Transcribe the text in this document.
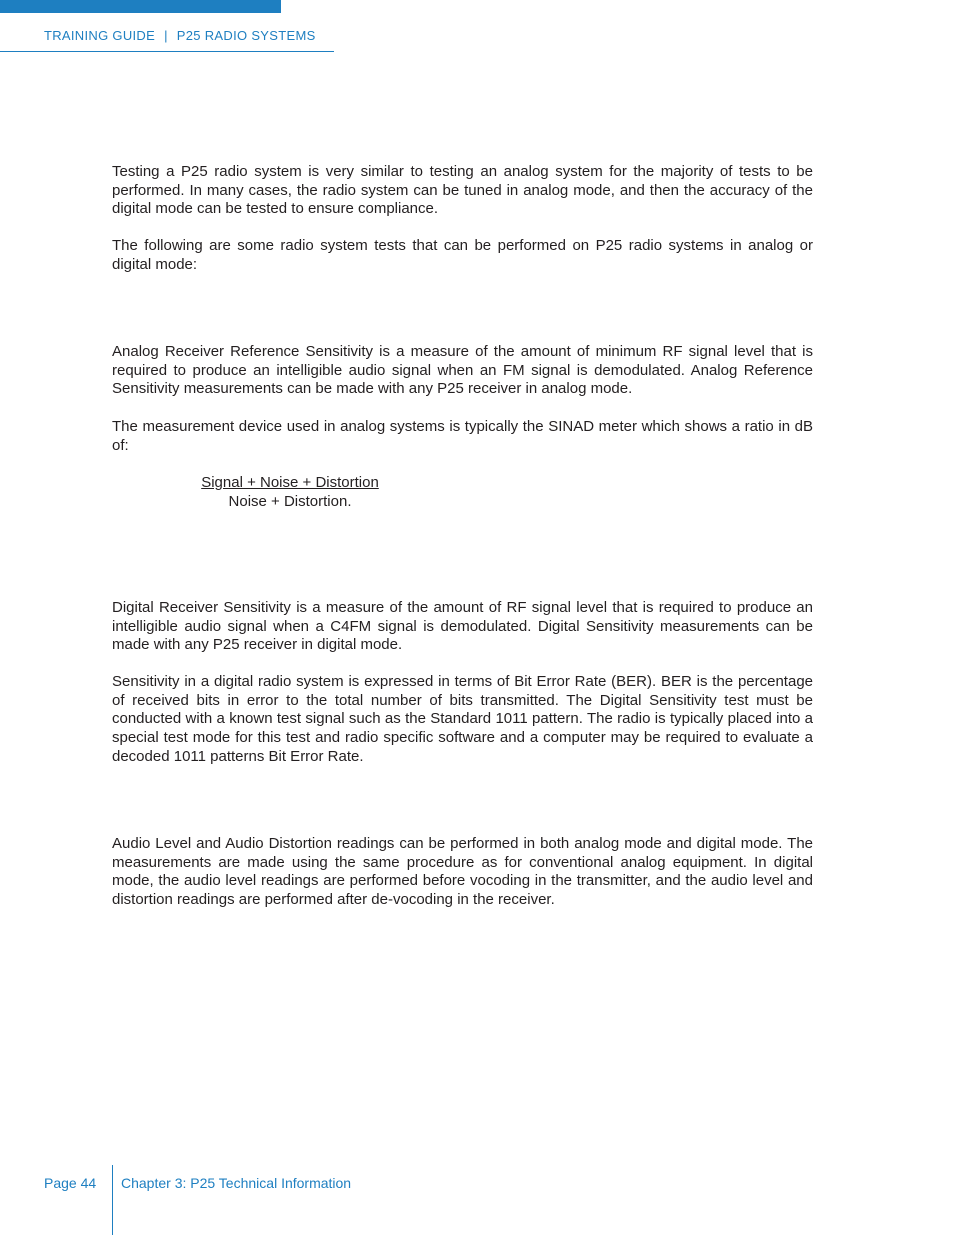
TRAINING GUIDE | P25 RADIO SYSTEMS

Testing a P25 radio system is very similar to testing an analog system for the majority of tests to be performed. In many cases, the radio system can be tuned in analog mode, and then the accuracy of the digital mode can be tested to ensure compliance.

The following are some radio system tests that can be performed on P25 radio systems in analog or digital mode:

Analog Receiver Reference Sensitivity is a measure of the amount of minimum RF signal level that is required to produce an intelligible audio signal when an FM signal is demodulated. Analog Reference Sensitivity measurements can be made with any P25 receiver in analog mode.

The measurement device used in analog systems is typically the SINAD meter which shows a ratio in dB of:

Signal + Noise + Distortion
Noise + Distortion.

Digital Receiver Sensitivity is a measure of the amount of RF signal level that is required to produce an intelligible audio signal when a C4FM signal is demodulated. Digital Sensitivity measurements can be made with any P25 receiver in digital mode.

Sensitivity in a digital radio system is expressed in terms of Bit Error Rate (BER). BER is the percentage of received bits in error to the total number of bits transmitted. The Digital Sensitivity test must be conducted with a known test signal such as the Standard 1011 pattern. The radio is typically placed into a special test mode for this test and radio specific software and a computer may be required to evaluate a decoded 1011 patterns Bit Error Rate.

Audio Level and Audio Distortion readings can be performed in both analog mode and digital mode. The measurements are made using the same procedure as for conventional analog equipment. In digital mode, the audio level readings are performed before vocoding in the transmitter, and the audio level and distortion readings are performed after de-vocoding in the receiver.

Page 44 Chapter 3: P25 Technical Information
